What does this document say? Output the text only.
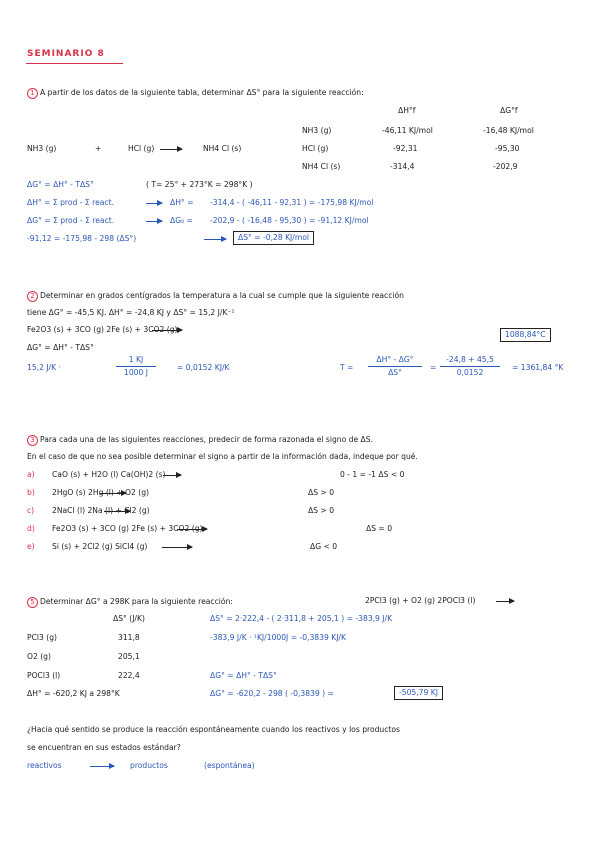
SEMINARIO 8
1 A partir de los datos de la siguiente tabla, determinar ΔS° para la siguiente reacción:
ΔH°f	ΔG°f
NH3 (g)	+	HCl (g)	NH4 Cl (s)
NH3 (g)	-46,11 KJ/mol	-16,48 KJ/mol
HCl (g)	-92,31	-95,30
NH4 Cl (s)	-314,4	-202,9
ΔG° = ΔH° - TΔS°	( T= 25° + 273°K = 298°K )
ΔH° = Σ prod - Σ react.	ΔH° = -314,4 - ( -46,11 - 92,31 ) = -175,98 KJ/mol
ΔG° = Σ prod - Σ react.	ΔG₀ = -202,9 - ( -16,48 - 95,30 ) = -91,12 KJ/mol
-91,12 = -175,98 - 298 (ΔS°)	ΔS° = -0,28 KJ/mol
2 Determinar en grados centígrados la temperatura a la cual se cumple que la siguiente reacción
tiene ΔG° = -45,5 KJ. ΔH° = -24,8 KJ y ΔS° = 15,2 J/K⁻¹
Fe2O3 (s) + 3CO (g) 2Fe (s) + 3CO2 (g)
1088,84°C
ΔG° = ΔH° - TΔS°
15,2 J/K ·
1 KJ
1000 J
= 0,0152 KJ/K	T =
ΔH° - ΔG°
ΔS°
=
-24,8 + 45,5
0,0152
= 1361,84 °K
3 Para cada una de las siguientes reacciones, predecir de forma razonada el signo de ΔS.
En el caso de que no sea posible determinar el signo a partir de la información dada, indeque por qué.
a) CaO (s) + H2O (l) Ca(OH)2 (s)	0 - 1 = -1 ΔS < 0
b) 2HgO (s) 2Hg (l) + O2 (g)	ΔS > 0
c) 2NaCl (l) 2Na (l) + Cl2 (g)	ΔS > 0
d) Fe2O3 (s) + 3CO (g) 2Fe (s) + 3CO2 (g)	ΔS = 0
e) Si (s) + 2Cl2 (g) SiCl4 (g)	ΔG < 0
5 Determinar ΔG° a 298K para la siguiente reacción:	2PCl3 (g) + O2 (g) 2POCl3 (l)
ΔS° (J/K)
PCl3 (g)	311,8
O2 (g)	205,1
POCl3 (l)	222,4
ΔH° = -620,2 KJ a 298°K
ΔS° = 2·222,4 - ( 2·311,8 + 205,1 ) = -383,9 J/K
-383,9 J/K · ¹KJ/1000J = -0,3839 KJ/K
ΔG° = ΔH° - TΔS°
ΔG° = -620,2 - 298 ( -0,3839 ) =	-505,79 KJ
¿Hacia qué sentido se produce la reacción espontáneamente cuando los reactivos y los productos
se encuentran en sus estados estándar?
reactivos	productos	(espontánea)
